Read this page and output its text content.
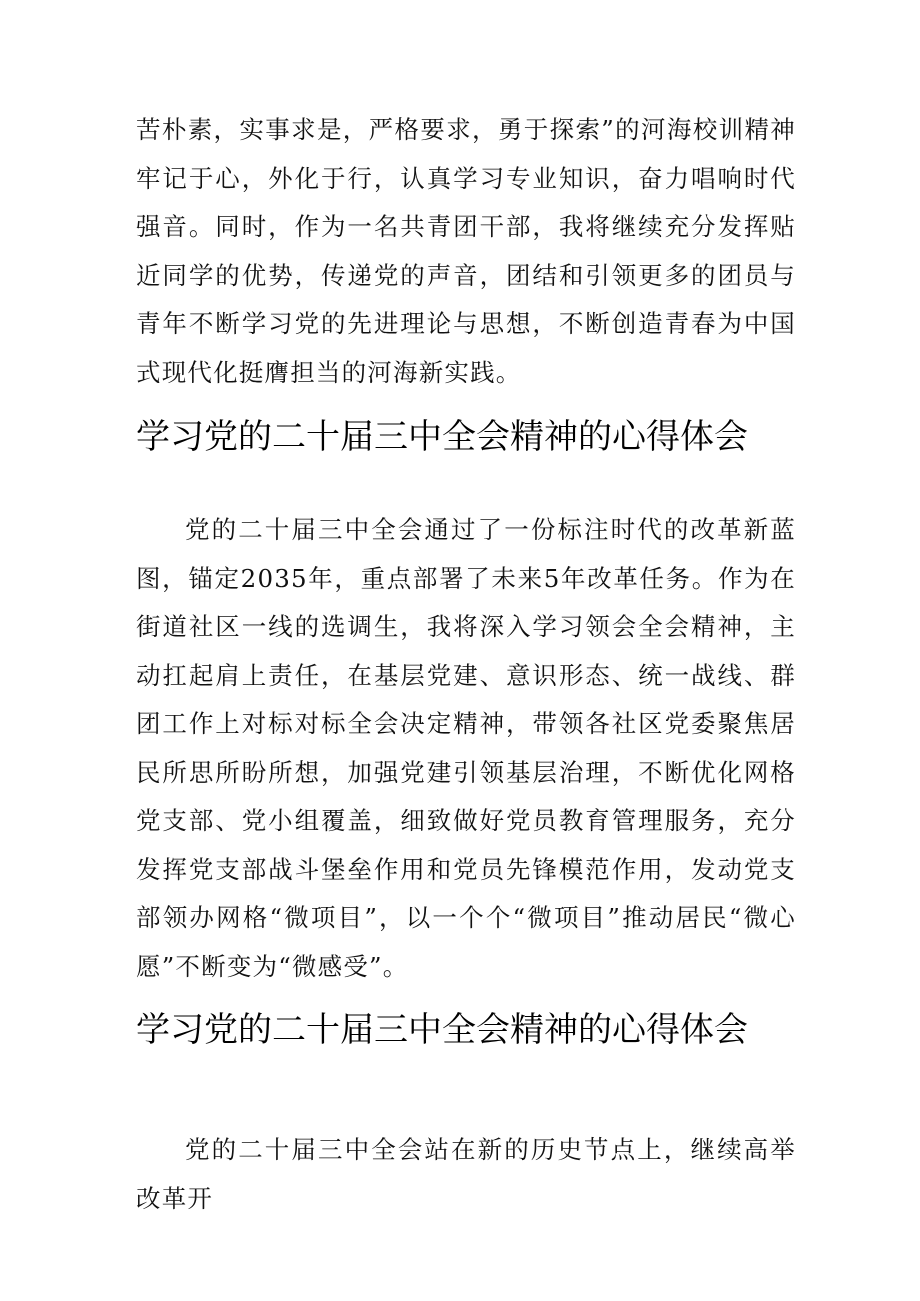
苦朴素，实事求是，严格要求，勇于探索”的河海校训精神牢记于心，外化于行，认真学习专业知识，奋力唱响时代强音。同时，作为一名共青团干部，我将继续充分发挥贴近同学的优势，传递党的声音，团结和引领更多的团员与青年不断学习党的先进理论与思想，不断创造青春为中国式现代化挺膺担当的河海新实践。

学习党的二十届三中全会精神的心得体会

党的二十届三中全会通过了一份标注时代的改革新蓝图，锚定2035年，重点部署了未来5年改革任务。作为在街道社区一线的选调生，我将深入学习领会全会精神，主动扛起肩上责任，在基层党建、意识形态、统一战线、群团工作上对标对标全会决定精神，带领各社区党委聚焦居民所思所盼所想，加强党建引领基层治理，不断优化网格党支部、党小组覆盖，细致做好党员教育管理服务，充分发挥党支部战斗堡垒作用和党员先锋模范作用，发动党支部领办网格“微项目”，以一个个“微项目”推动居民“微心愿”不断变为“微感受”。

学习党的二十届三中全会精神的心得体会

党的二十届三中全会站在新的历史节点上，继续高举改革开
